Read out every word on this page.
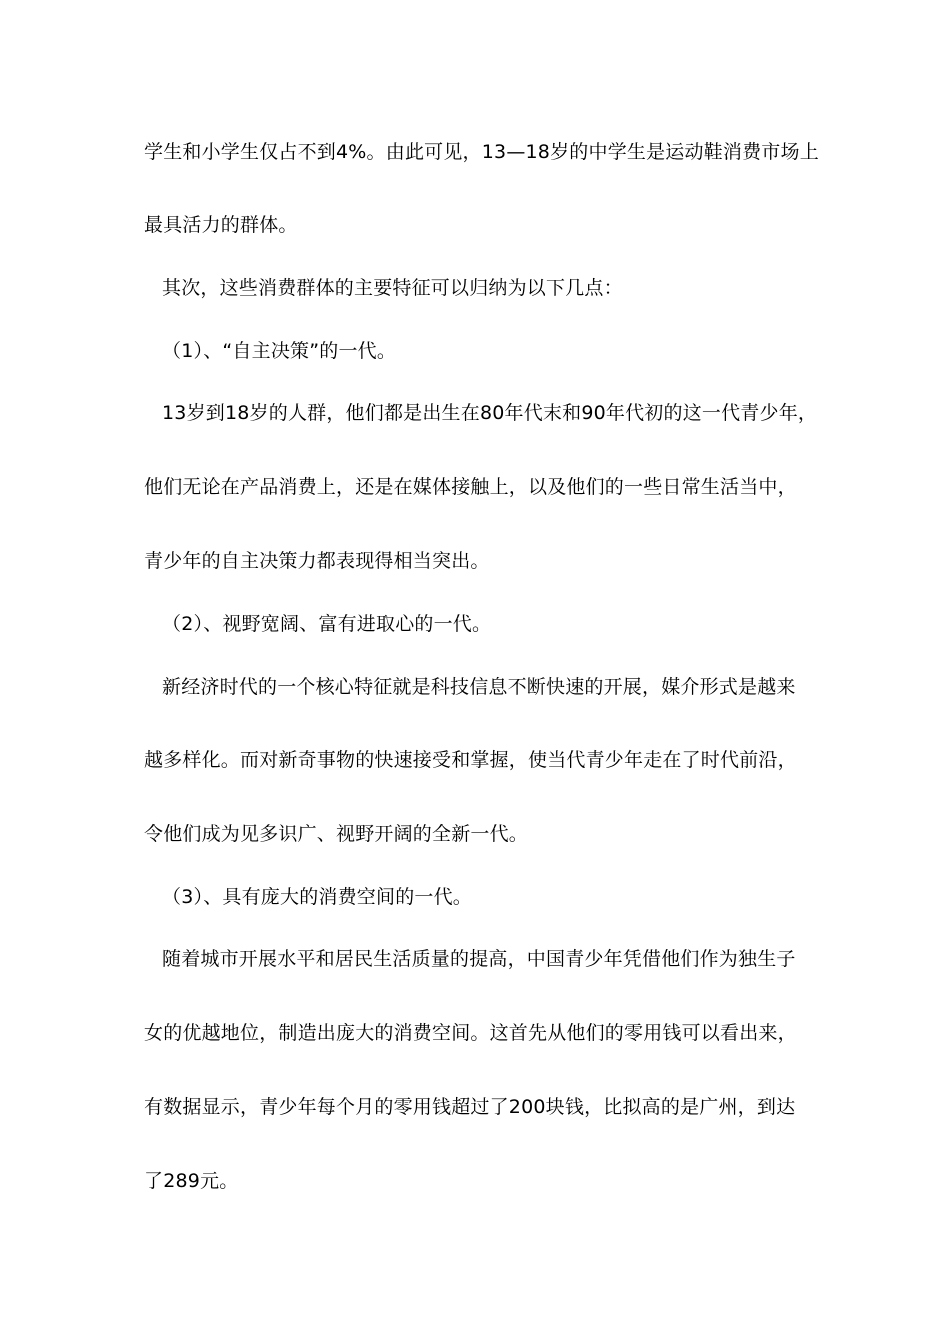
学生和小学生仅占不到4%。由此可见，13—18岁的中学生是运动鞋消费市场上
最具活力的群体。
其次，这些消费群体的主要特征可以归纳为以下几点：
（1）、“自主决策”的一代。
13岁到18岁的人群，他们都是出生在80年代末和90年代初的这一代青少年，
他们无论在产品消费上，还是在媒体接触上，以及他们的一些日常生活当中，
青少年的自主决策力都表现得相当突出。
（2）、视野宽阔、富有进取心的一代。
新经济时代的一个核心特征就是科技信息不断快速的开展，媒介形式是越来
越多样化。而对新奇事物的快速接受和掌握，使当代青少年走在了时代前沿，
令他们成为见多识广、视野开阔的全新一代。
（3）、具有庞大的消费空间的一代。
随着城市开展水平和居民生活质量的提高，中国青少年凭借他们作为独生子
女的优越地位，制造出庞大的消费空间。这首先从他们的零用钱可以看出来，
有数据显示，青少年每个月的零用钱超过了200块钱，比拟高的是广州，到达
了289元。
